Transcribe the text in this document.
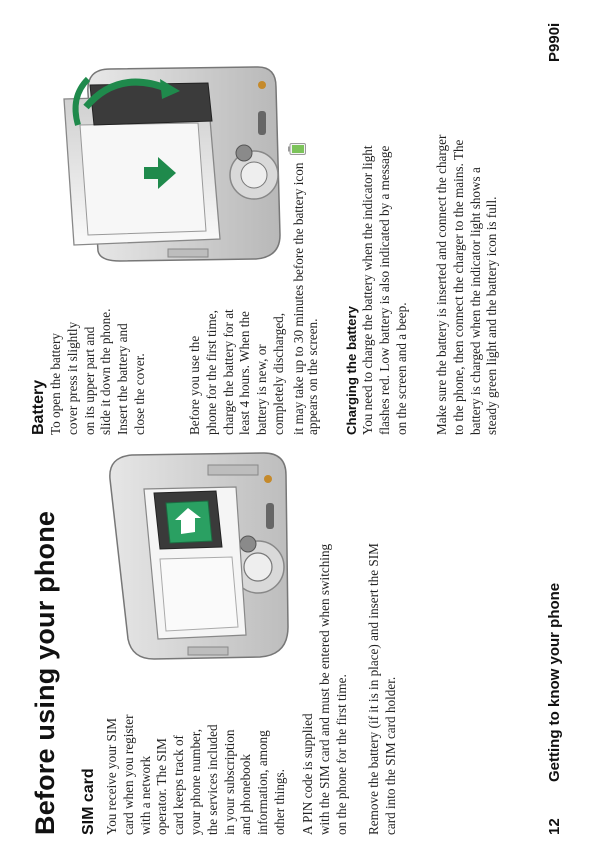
Before using your phone SIM card You receive your SIM card when you register with a network operator. The SIM card keeps track of your phone number, the services included in your subscription and phonebook information, among other things. A PIN code is supplied with the SIM card and must be entered when switching on the phone for the first time. Remove the battery (if it is in place) and insert the SIM card into the SIM card holder.
Battery To open the battery cover press it slightly on its upper part and slide it down the phone. Insert the battery and close the cover.	Before you use the phone for the first time, charge the battery for at least 4 hours. When the battery is new, or completely discharged, it may take up to 30 minutes before the battery icon
appears on the screen. Charging the battery You need to charge the battery when the indicator light flashes red. Low battery is also indicated by a message on the screen and a beep. Make sure the battery is inserted and connect the charger to the phone, then connect the charger to the mains. The battery is charged when the indicator light shows a steady green light and the battery icon is full.
12
Getting to know your phone
P990i
